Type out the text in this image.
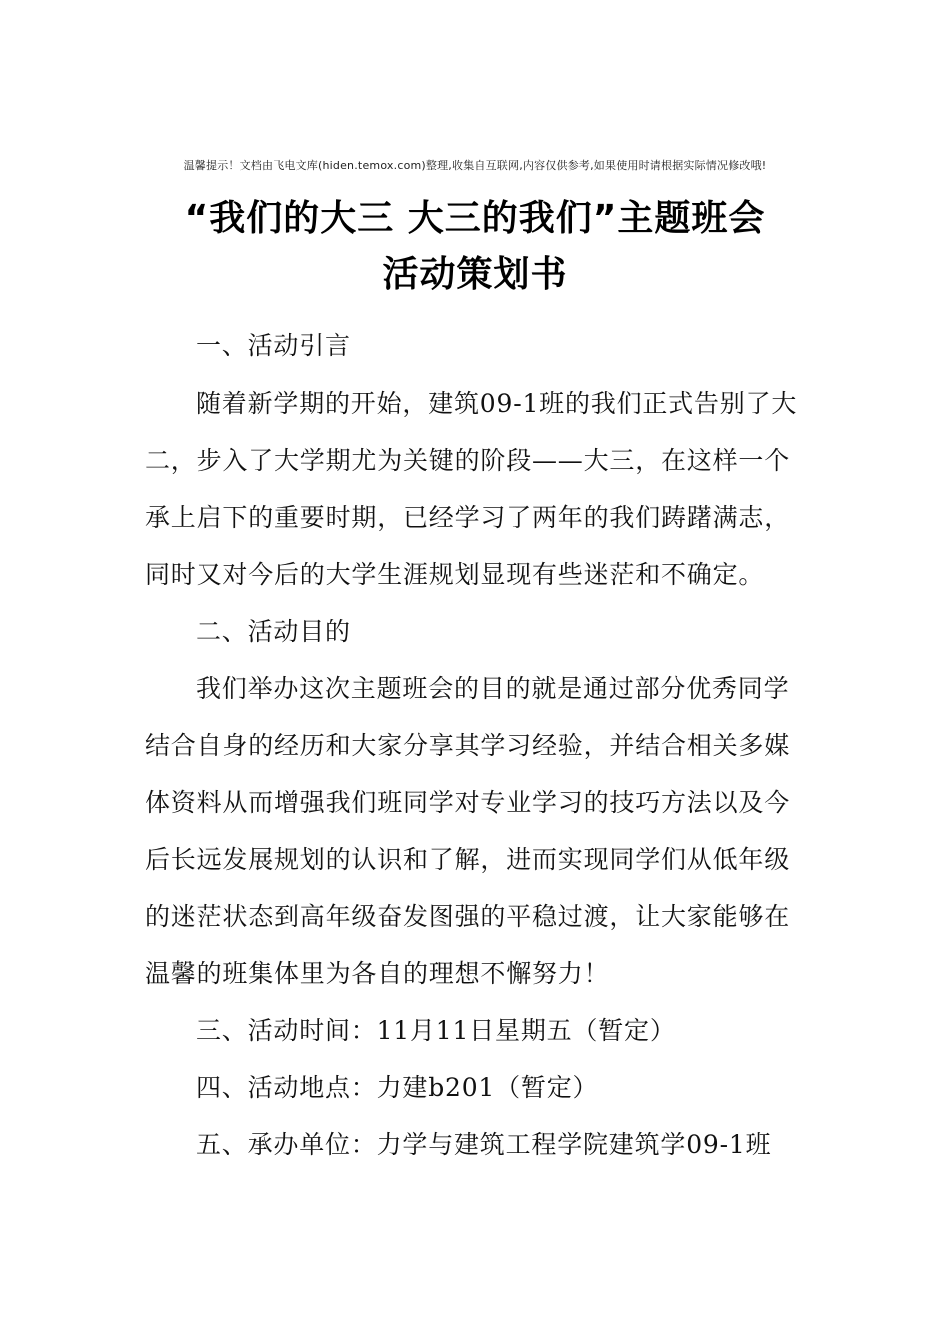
温馨提示！文档由飞电文库(hiden.temox.com)整理,收集自互联网,内容仅供参考,如果使用时请根据实际情况修改哦!
“我们的大三 大三的我们”主题班会
活动策划书
一、活动引言
随着新学期的开始，建筑09-1班的我们正式告别了大
二，步入了大学期尤为关键的阶段——大三，在这样一个
承上启下的重要时期，已经学习了两年的我们踌躇满志，
同时又对今后的大学生涯规划显现有些迷茫和不确定。
二、活动目的
我们举办这次主题班会的目的就是通过部分优秀同学
结合自身的经历和大家分享其学习经验，并结合相关多媒
体资料从而增强我们班同学对专业学习的技巧方法以及今
后长远发展规划的认识和了解，进而实现同学们从低年级
的迷茫状态到高年级奋发图强的平稳过渡，让大家能够在
温馨的班集体里为各自的理想不懈努力！
三、活动时间：11月11日星期五（暂定）
四、活动地点：力建b201（暂定）
五、承办单位：力学与建筑工程学院建筑学09-1班
